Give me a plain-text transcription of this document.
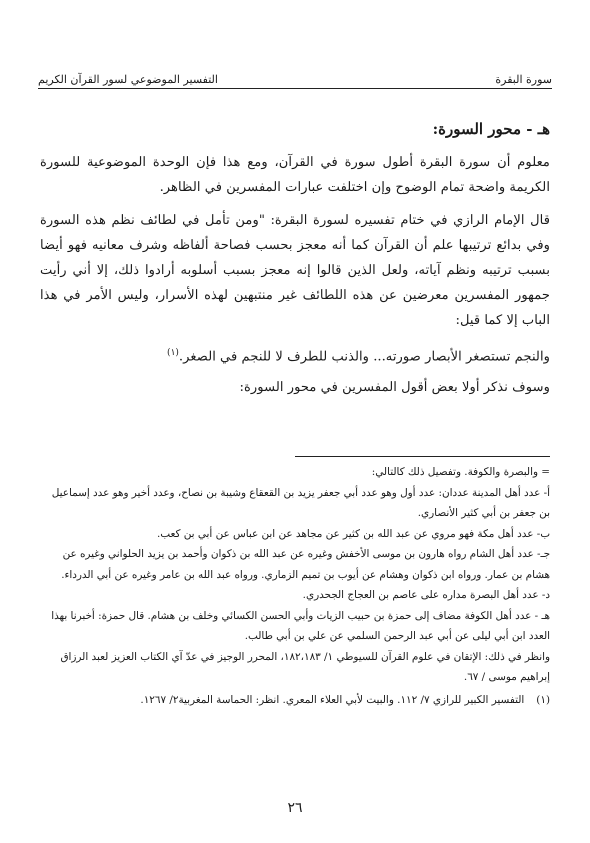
سورة البقرة
التفسير الموضوعي لسور القرآن الكريم
هـ - محور السورة:

معلوم أن سورة البقرة أطول سورة في القرآن، ومع هذا فإن الوحدة الموضوعية للسورة الكريمة واضحة تمام الوضوح وإن اختلفت عبارات المفسرين في الظاهر.

قال الإمام الرازي في ختام تفسيره لسورة البقرة: "ومن تأمل في لطائف نظم هذه السورة وفي بدائع ترتيبها علم أن القرآن كما أنه معجز بحسب فصاحة ألفاظه وشرف معانيه فهو أيضا بسبب ترتيبه ونظم آياته، ولعل الذين قالوا إنه معجز بسبب أسلوبه أرادوا ذلك، إلا أني رأيت جمهور المفسرين معرضين عن هذه اللطائف غير منتبهين لهذه الأسرار، وليس الأمر في هذا الباب إلا كما قيل:

والنجم تستصغر الأبصار صورته... والذنب للطرف لا للنجم في الصغر.$^{(١)}$
وسوف نذكر أولا بعض أقول المفسرين في محور السورة:

= والبصرة والكوفة. وتفصيل ذلك كالتالي:

أ- عدد أهل المدينة عددان: عدد أول وهو عدد أبي جعفر يزيد بن القعقاع وشيبة بن نصاح، وعدد أخير وهو عدد إسماعيل بن جعفر بن أبي كثير الأنصاري.

ب- عدد أهل مكة فهو مروي عن عبد الله بن كثير عن مجاهد عن ابن عباس عن أبي بن كعب.

جـ- عدد أهل الشام رواه هارون بن موسى الأخفش وغيره عن عبد الله بن ذكوان وأحمد بن يزيد الحلواني وغيره عن هشام بن عمار. ورواه ابن ذكوان وهشام عن أيوب بن تميم الزماري. ورواه عبد الله بن عامر وغيره عن أبي الدرداء.

د- عدد أهل البصرة مداره على عاصم بن العجاج الجحدري.

هـ - عدد أهل الكوفة مضاف إلى حمزة بن حبيب الزيات وأبي الحسن الكسائي وخلف بن هشام. قال حمزة: أخبرنا بهذا العدد ابن أبي ليلى عن أبي عبد الرحمن السلمي عن علي بن أبي طالب.

وانظر في ذلك: الإتقان في علوم القرآن للسيوطي ١/ ١٨٢،١٨٣، المحرر الوجيز في عدّ آي الكتاب العزيز لعبد الرزاق إبراهيم موسى / ٦٧.

(١)
التفسير الكبير للرازي ٧/ ١١٢. والبيت لأبي العلاء المعري. انظر: الحماسة المغربية٢/ ١٢٦٧.
٢٦
